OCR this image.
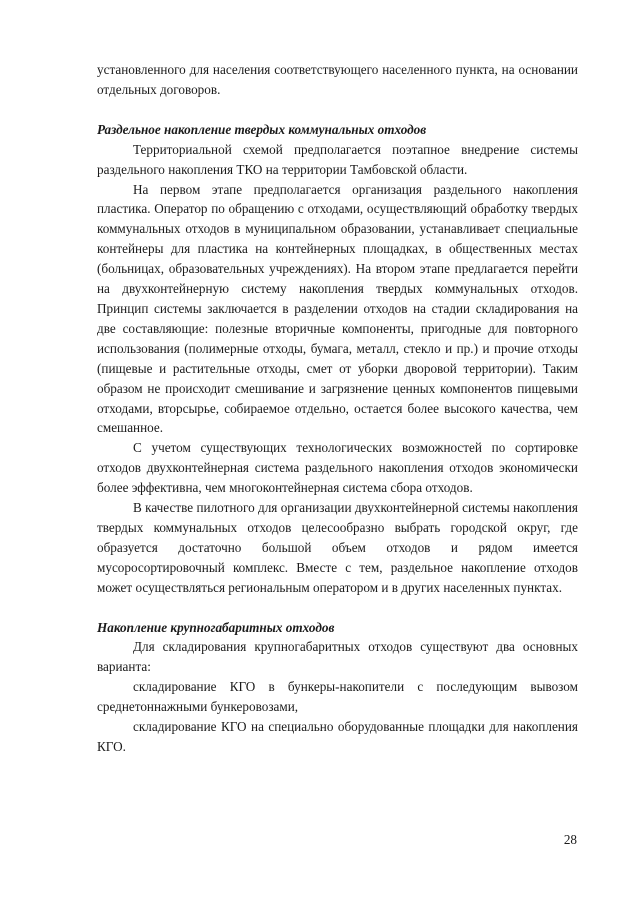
установленного для населения соответствующего населенного пункта, на основании отдельных договоров.

Раздельное накопление твердых коммунальных отходов

Территориальной схемой предполагается поэтапное внедрение системы раздельного накопления ТКО на территории Тамбовской области.

На первом этапе предполагается организация раздельного накопления пластика. Оператор по обращению с отходами, осуществляющий обработку твердых коммунальных отходов в муниципальном образовании, устанавливает специальные контейнеры для пластика на контейнерных площадках, в общественных местах (больницах, образовательных учреждениях). На втором этапе предлагается перейти на двухконтейнерную систему накопления твердых коммунальных отходов. Принцип системы заключается в разделении отходов на стадии складирования на две составляющие: полезные вторичные компоненты, пригодные для повторного использования (полимерные отходы, бумага, металл, стекло и пр.) и прочие отходы (пищевые и растительные отходы, смет от уборки дворовой территории). Таким образом не происходит смешивание и загрязнение ценных компонентов пищевыми отходами, вторсырье, собираемое отдельно, остается более высокого качества, чем смешанное.

С учетом существующих технологических возможностей по сортировке отходов двухконтейнерная система раздельного накопления отходов экономически более эффективна, чем многоконтейнерная система сбора отходов.

В качестве пилотного для организации двухконтейнерной системы накопления твердых коммунальных отходов целесообразно выбрать городской округ, где образуется достаточно большой объем отходов и рядом имеется мусоросортировочный комплекс. Вместе с тем, раздельное накопление отходов может осуществляться региональным оператором и в других населенных пунктах.

Накопление крупногабаритных отходов

Для складирования крупногабаритных отходов существуют два основных варианта:

складирование КГО в бункеры-накопители с последующим вывозом среднетоннажными бункеровозами,

складирование КГО на специально оборудованные площадки для накопления КГО.

28
